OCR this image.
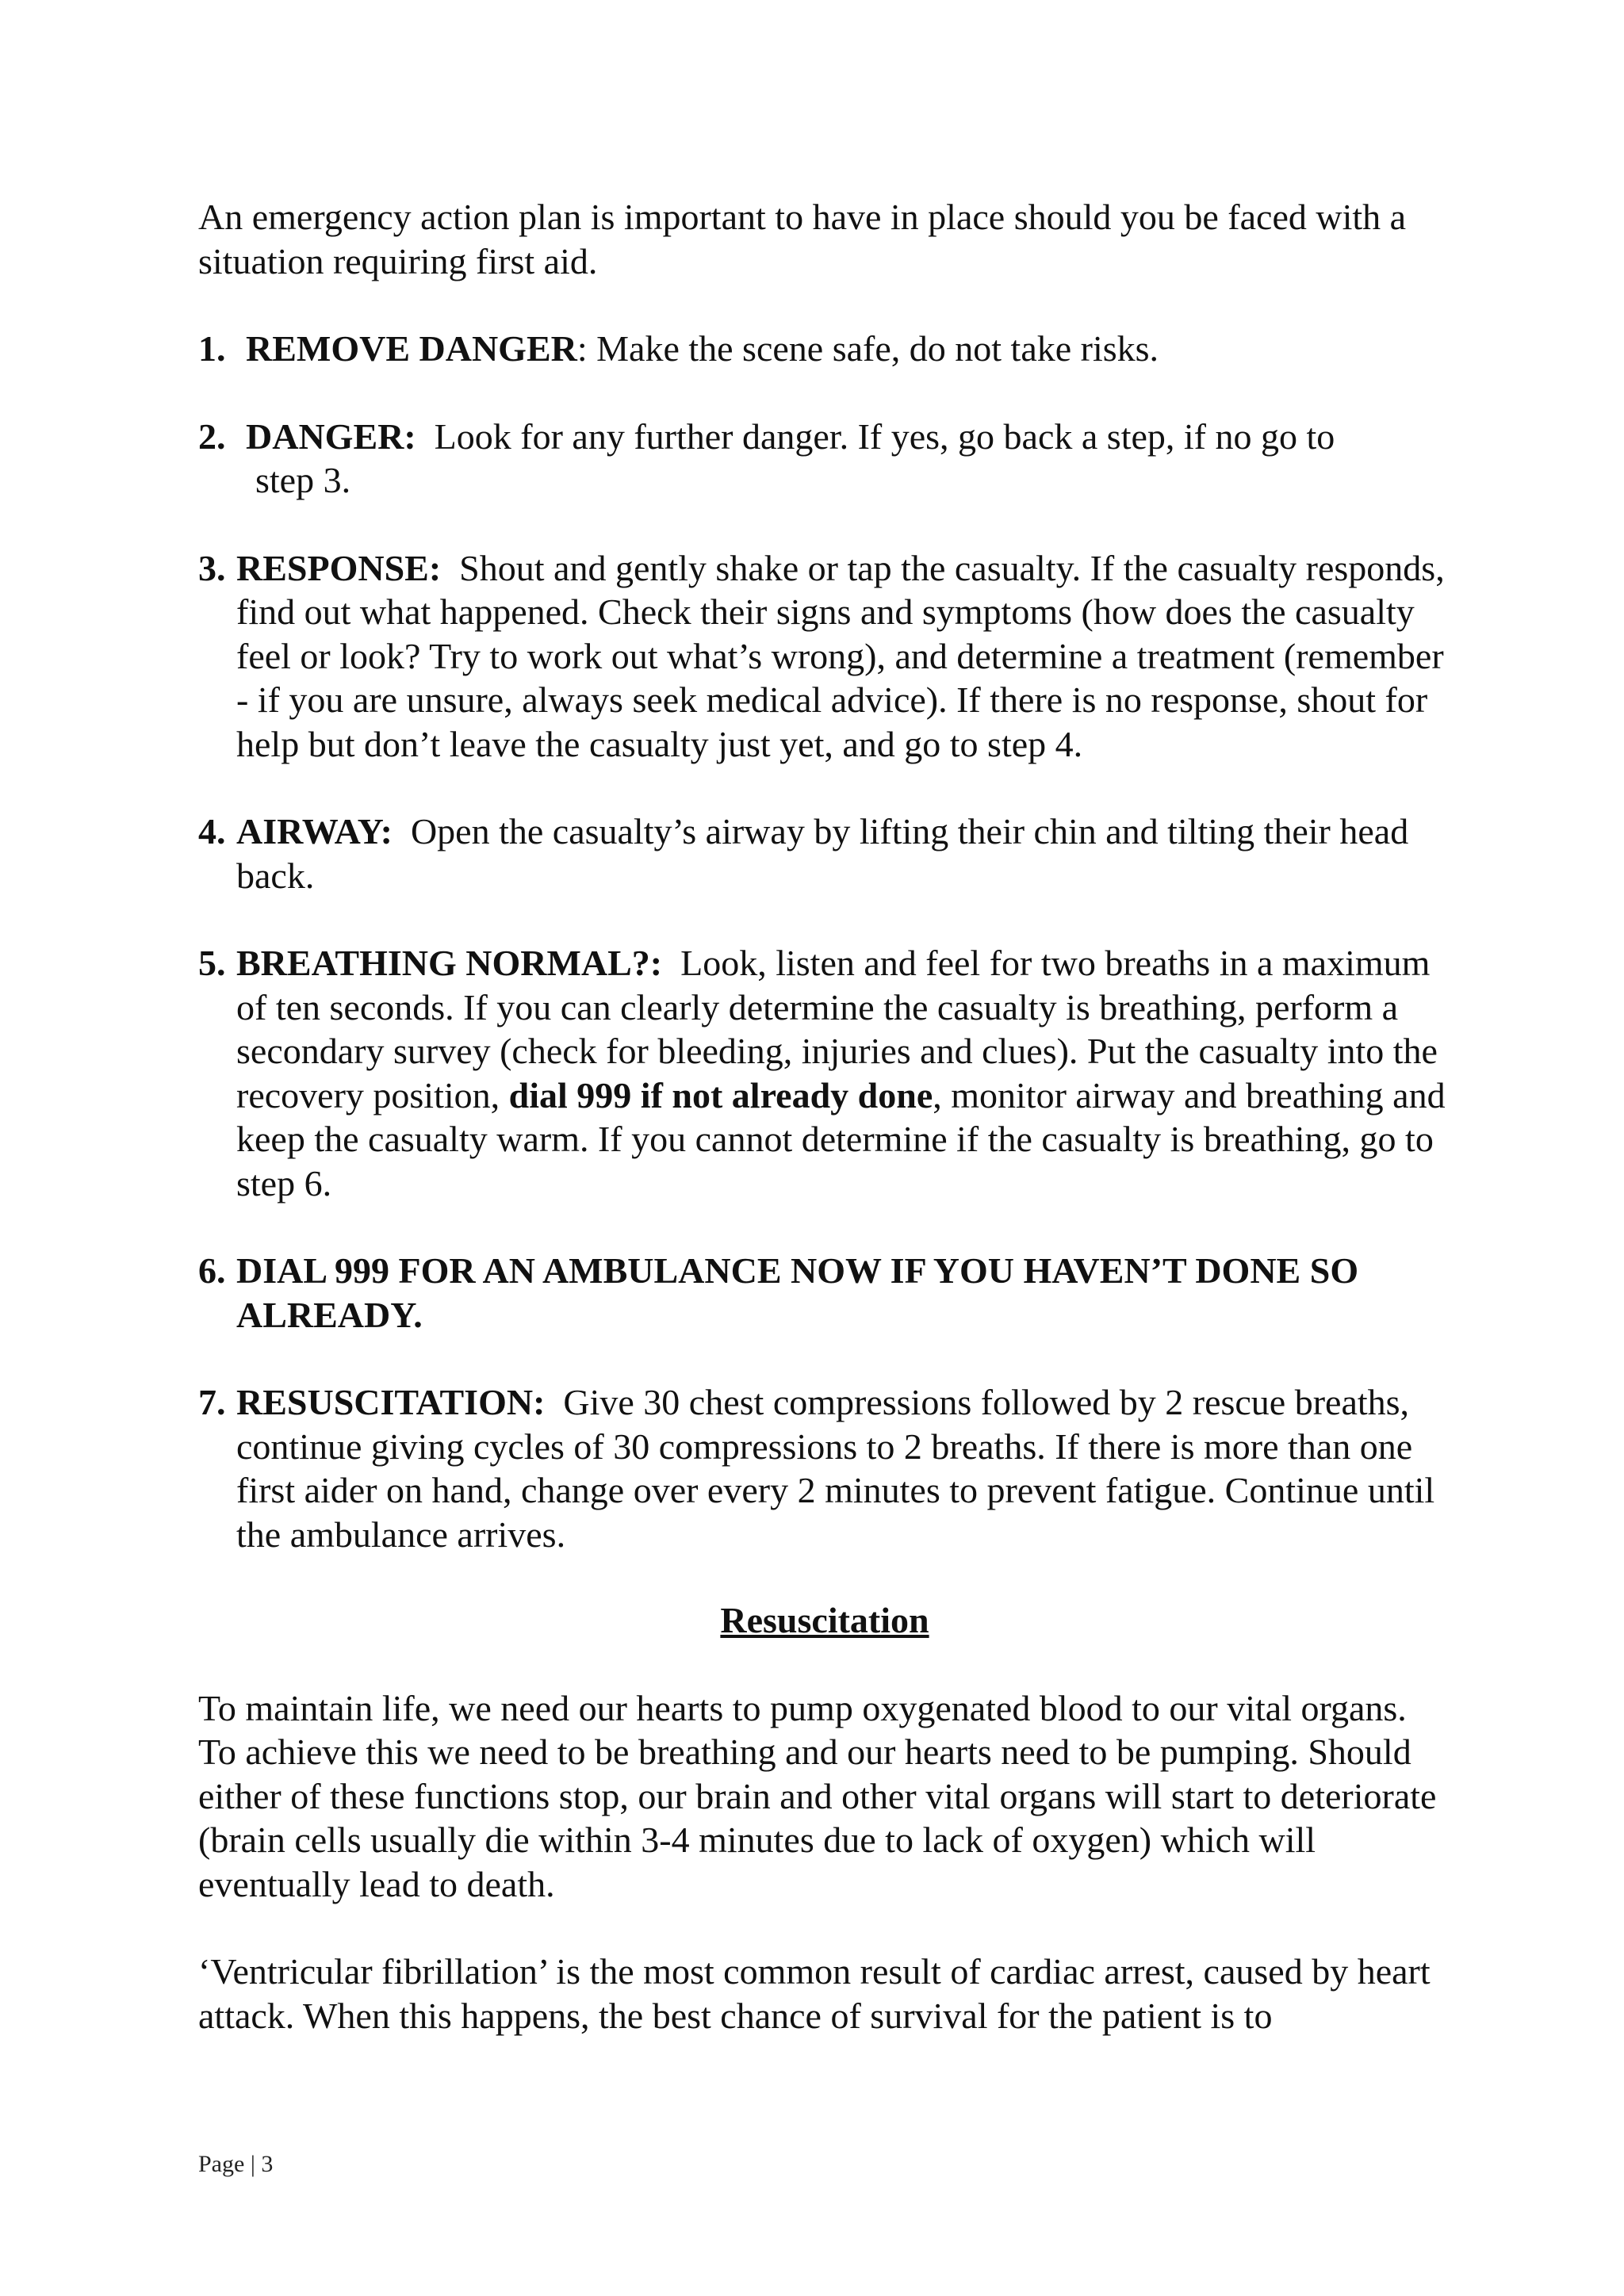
An emergency action plan is important to have in place should you be faced with a situation requiring first aid.

1. REMOVE DANGER: Make the scene safe, do not take risks.
2. DANGER: Look for any further danger. If yes, go back a step, if no go to
step 3.
3. RESPONSE: Shout and gently shake or tap the casualty. If the casualty responds, find out what happened. Check their signs and symptoms (how does the casualty feel or look? Try to work out what’s wrong), and determine a treatment (remember - if you are unsure, always seek medical advice). If there is no response, shout for help but don’t leave the casualty just yet, and go to step 4.
4. AIRWAY: Open the casualty’s airway by lifting their chin and tilting their head back.
5. BREATHING NORMAL?: Look, listen and feel for two breaths in a maximum of ten seconds. If you can clearly determine the casualty is breathing, perform a secondary survey (check for bleeding, injuries and clues). Put the casualty into the recovery position, dial 999 if not already done, monitor airway and breathing and keep the casualty warm. If you cannot determine if the casualty is breathing, go to step 6.
6. DIAL 999 FOR AN AMBULANCE NOW IF YOU HAVEN’T DONE SO ALREADY.
7. RESUSCITATION: Give 30 chest compressions followed by 2 rescue breaths, continue giving cycles of 30 compressions to 2 breaths. If there is more than one first aider on hand, change over every 2 minutes to prevent fatigue. Continue until the ambulance arrives.

Resuscitation

To maintain life, we need our hearts to pump oxygenated blood to our vital organs. To achieve this we need to be breathing and our hearts need to be pumping. Should either of these functions stop, our brain and other vital organs will start to deteriorate (brain cells usually die within 3-4 minutes due to lack of oxygen) which will eventually lead to death.

‘Ventricular fibrillation’ is the most common result of cardiac arrest, caused by heart attack. When this happens, the best chance of survival for the patient is to

Page | 3
